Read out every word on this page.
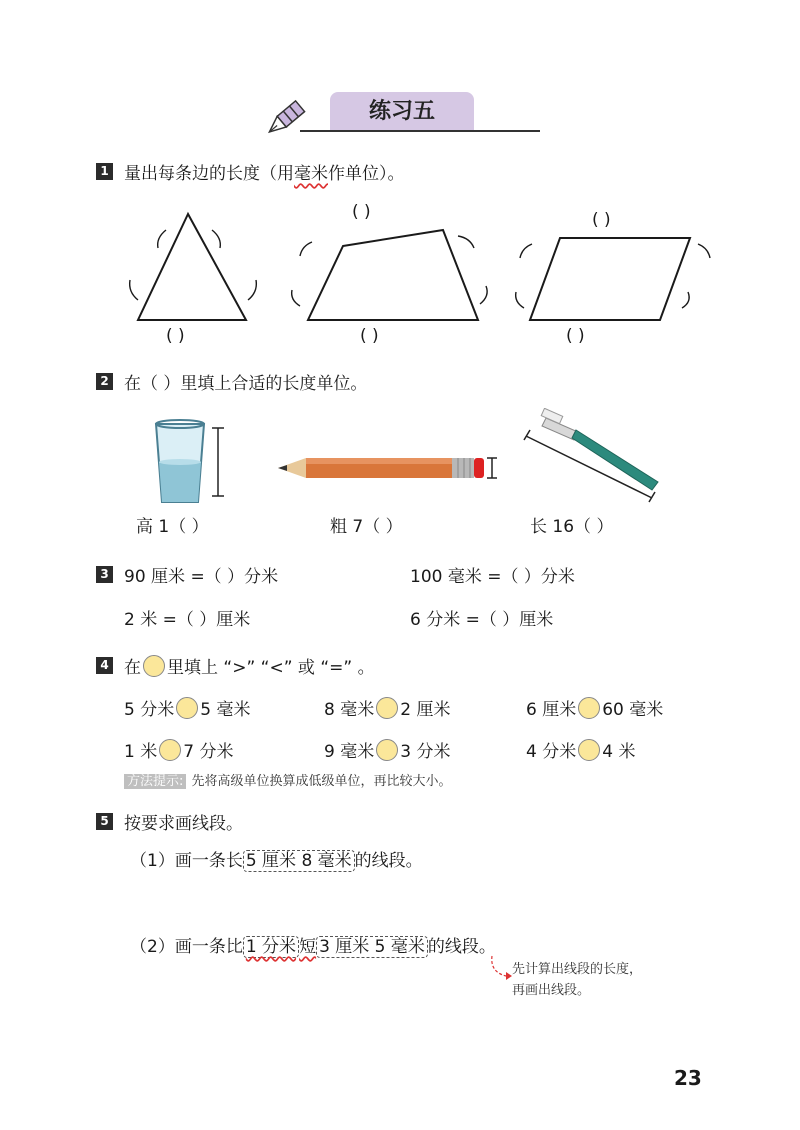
练习五
1 量出每条边的长度（用毫米作单位）。
( )	( )
( )	( )	( )
2 在（ ）里填上合适的长度单位。
高 1（ ）	粗 7（ ）	长 16（ ）
3 90 厘米 =（ ）分米	100 毫米 =（ ）分米
2 米 =（ ）厘米	6 分米 =（ ）厘米
4 在 里填上 “>” “<” 或 “=” 。
5 分米 5 毫米	8 毫米 2 厘米	6 厘米 60 毫米
1 米 7 分米	9 毫米 3 分米	4 分米 4 米
方法提示: 先将高级单位换算成低级单位，再比较大小。
5 按要求画线段。
（1）画一条长 5 厘米 8 毫米 的线段。
（2）画一条比 1 分米 短 3 厘米 5 毫米 的线段。
先计算出线段的长度，
再画出线段。
23
